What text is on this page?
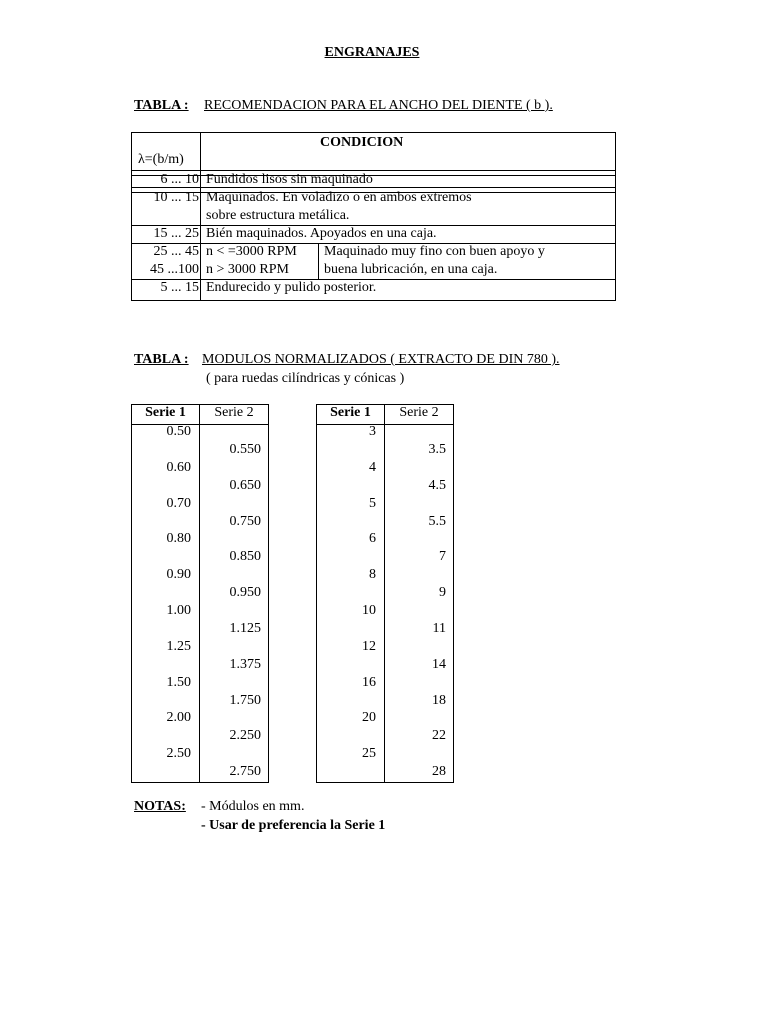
ENGRANAJES
TABLA : RECOMENDACION PARA EL ANCHO DEL DIENTE ( b ).
CONDICION
λ=(b/m)
6 ... 10 Fundidos lisos sin maquinado
10 ... 15 Maquinados. En voladizo o en ambos extremos
sobre estructura metálica.
15 ... 25 Bién maquinados. Apoyados en una caja.
25 ... 45
45 ...100
n < =3000 RPM
n > 3000 RPM
Maquinado muy fino con buen apoyo y
buena lubricación, en una caja.
5 ... 15 Endurecido y pulido posterior.
TABLA : MODULOS NORMALIZADOS ( EXTRACTO DE DIN 780 ).
( para ruedas cilíndricas y cónicas )
Serie 1	Serie 2
0.50
0.60
0.70
0.80
0.90
1.00
1.25
1.50
2.00
2.50
0.550
0.650
0.750
0.850
0.950
1.125
1.375
1.750
2.250
2.750
Serie 1	Serie 2
3
4
5
6
8
10
12
16
20
25
3.5
4.5
5.5
7
9
11
14
18
22
28
NOTAS: - Módulos en mm.
- Usar de preferencia la Serie 1
